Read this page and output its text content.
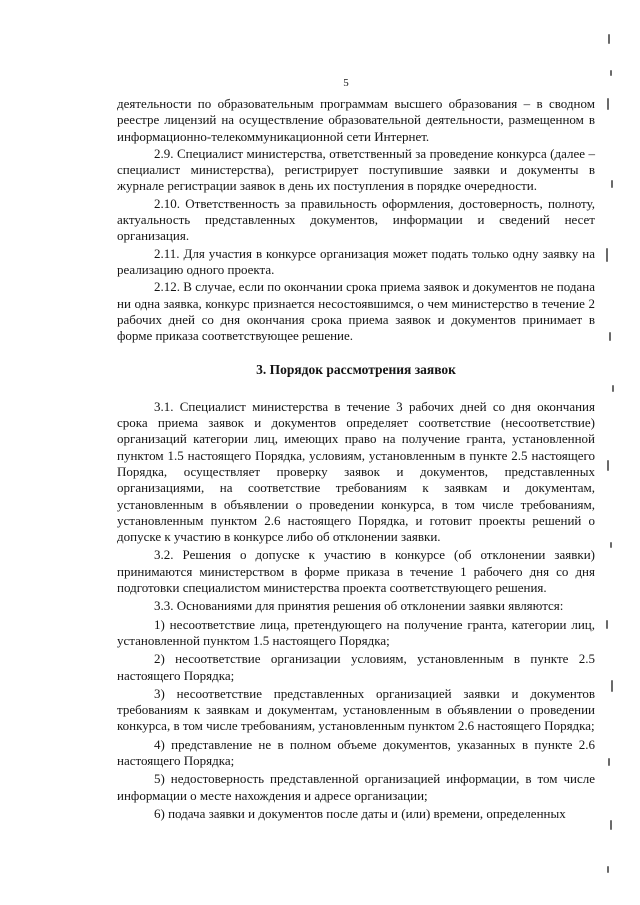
5

деятельности по образовательным программам высшего образования – в сводном реестре лицензий на осуществление образовательной деятельности, размещенном в информационно-телекоммуникационной сети Интернет.

2.9. Специалист министерства, ответственный за проведение конкурса (далее – специалист министерства), регистрирует поступившие заявки и документы в журнале регистрации заявок в день их поступления в порядке очередности.

2.10. Ответственность за правильность оформления, достоверность, полноту, актуальность представленных документов, информации и сведений несет организация.

2.11. Для участия в конкурсе организация может подать только одну заявку на реализацию одного проекта.

2.12. В случае, если по окончании срока приема заявок и документов не подана ни одна заявка, конкурс признается несостоявшимся, о чем министерство в течение 2 рабочих дней со дня окончания срока приема заявок и документов принимает в форме приказа соответствующее решение.

3. Порядок рассмотрения заявок

3.1. Специалист министерства в течение 3 рабочих дней со дня окончания срока приема заявок и документов определяет соответствие (несоответствие) организаций категории лиц, имеющих право на получение гранта, установленной пунктом 1.5 настоящего Порядка, условиям, установленным в пункте 2.5 настоящего Порядка, осуществляет проверку заявок и документов, представленных организациями, на соответствие требованиям к заявкам и документам, установленным в объявлении о проведении конкурса, в том числе требованиям, установленным пунктом 2.6 настоящего Порядка, и готовит проекты решений о допуске к участию в конкурсе либо об отклонении заявки.

3.2. Решения о допуске к участию в конкурсе (об отклонении заявки) принимаются министерством в форме приказа в течение 1 рабочего дня со дня подготовки специалистом министерства проекта соответствующего решения.

3.3. Основаниями для принятия решения об отклонении заявки являются:

1) несоответствие лица, претендующего на получение гранта, категории лиц, установленной пунктом 1.5 настоящего Порядка;

2) несоответствие организации условиям, установленным в пункте 2.5 настоящего Порядка;

3) несоответствие представленных организацией заявки и документов требованиям к заявкам и документам, установленным в объявлении о проведении конкурса, в том числе требованиям, установленным пунктом 2.6 настоящего Порядка;

4) представление не в полном объеме документов, указанных в пункте 2.6 настоящего Порядка;

5) недостоверность представленной организацией информации, в том числе информации о месте нахождения и адресе организации;

6) подача заявки и документов после даты и (или) времени, определенных
